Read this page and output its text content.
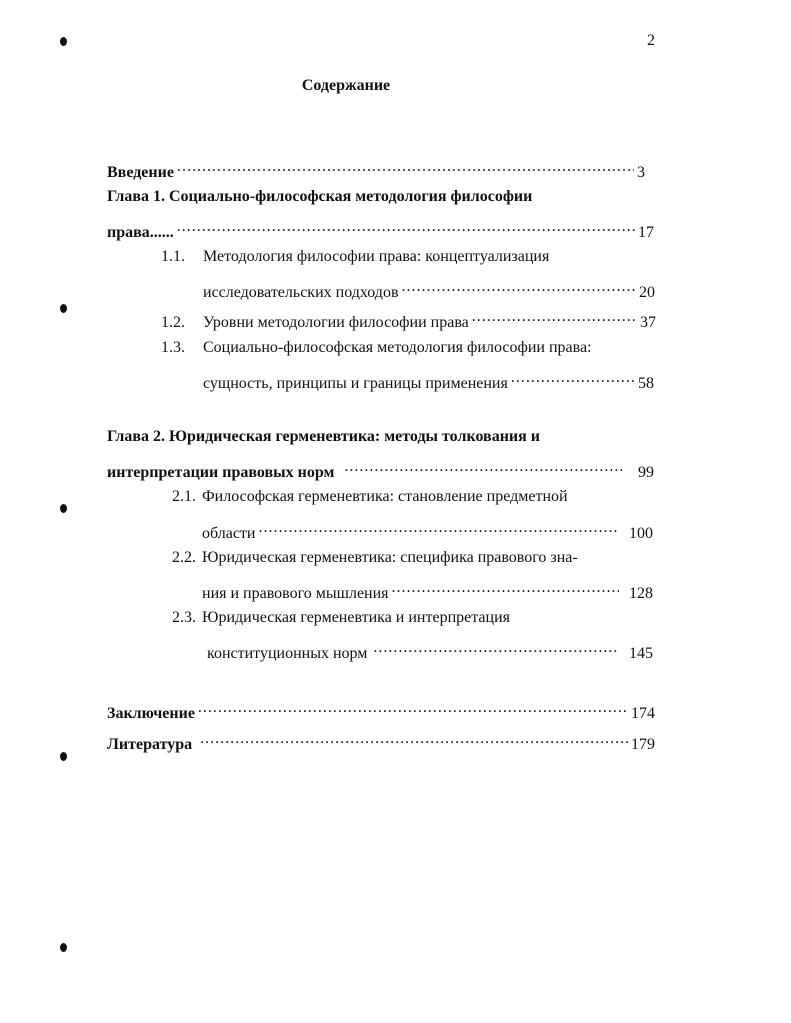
2
Содержание
Введение .....	3
Глава 1. Социально-философская методология философии
права...... .....	17
1.1.	Методология философии права: концептуализация
исследовательских подходов .....	20
1.2.	Уровни методологии философии права .....	37
1.3.	Социально-философская методология философии права:
сущность, принципы и границы применения .....	58
Глава 2. Юридическая герменевтика: методы толкования и
интерпретации правовых норм .....	99
2.1. Философская герменевтика: становление предметной
области .....	100
2.2. Юридическая герменевтика: специфика правового зна-
ния и правового мышления .....	128
2.3. Юридическая герменевтика и интерпретация
конституционных норм .....	145
Заключение .....	174
Литература .....	179
